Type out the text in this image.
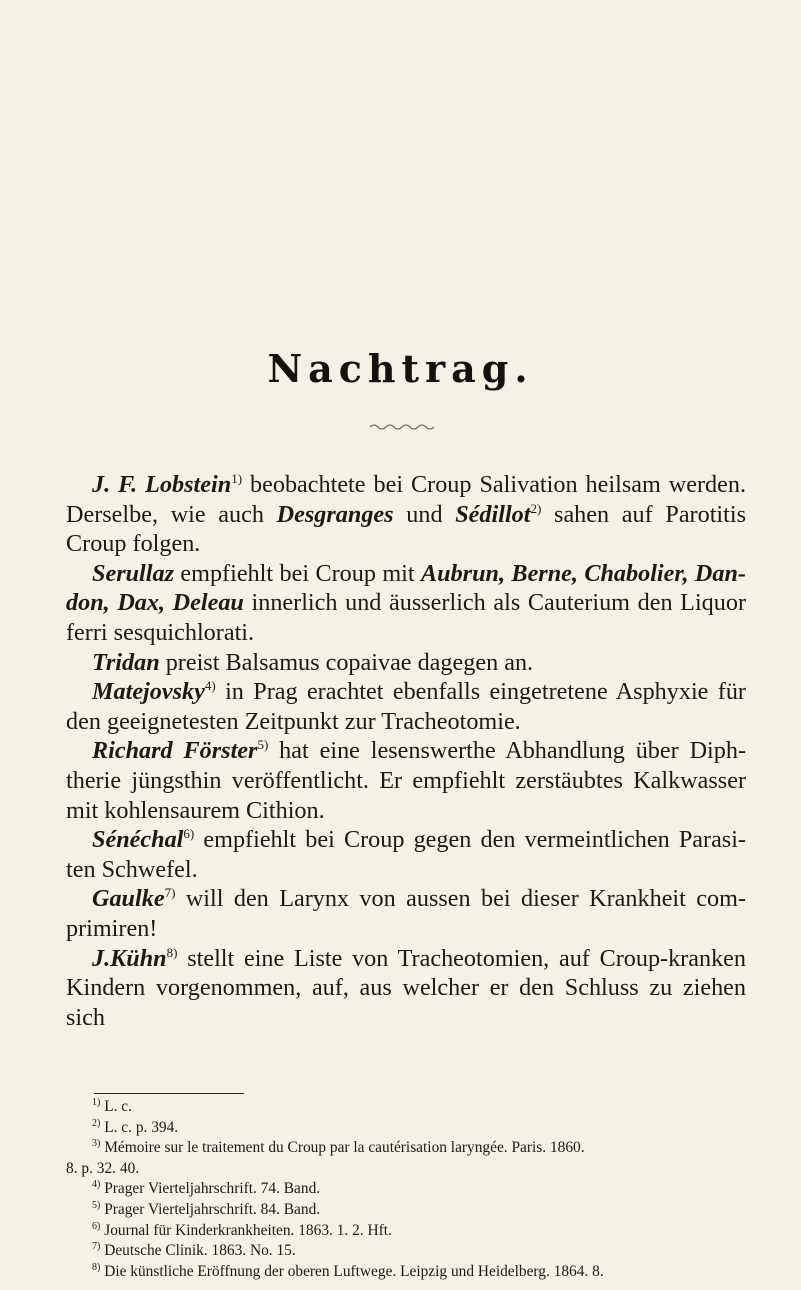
Nachtrag.

J. F. Lobstein$^{1)}$ beobachtete bei Croup Salivation heilsam werden. Derselbe, wie auch Desgranges und Sédillot$^{2)}$ sahen auf Parotitis Croup folgen.

Serullaz empfiehlt bei Croup mit Aubrun, Berne, Chabolier, Dan- don, Dax, Deleau innerlich und äusserlich als Cauterium den Liquor ferri sesquichlorati.

Tridan preist Balsamus copaivae dagegen an.

Matejovsky$^{4)}$ in Prag erachtet ebenfalls eingetretene Asphyxie für den geeignetesten Zeitpunkt zur Tracheotomie.

Richard Förster$^{5)}$ hat eine lesenswerthe Abhandlung über Diph- therie jüngsthin veröffentlicht. Er empfiehlt zerstäubtes Kalkwasser mit kohlensaurem Cithion.

Sénéchal$^{6)}$ empfiehlt bei Croup gegen den vermeintlichen Parasi- ten Schwefel.

Gaulke$^{7)}$ will den Larynx von aussen bei dieser Krankheit com- primiren!

J.Kühn$^{8)}$ stellt eine Liste von Tracheotomien, auf Croup-kranken Kindern vorgenommen, auf, aus welcher er den Schluss zu ziehen sich

$^{1)}$ L. c.

$^{2)}$ L. c. p. 394.

$^{3)}$ Mémoire sur le traitement du Croup par la cautérisation laryngée. Paris. 1860.

8. p. 32. 40.

$^{4)}$ Prager Vierteljahrschrift. 74. Band.

$^{5)}$ Prager Vierteljahrschrift. 84. Band.

$^{6)}$ Journal für Kinderkrankheiten. 1863. 1. 2. Hft.

$^{7)}$ Deutsche Clinik. 1863. No. 15.

$^{8)}$ Die künstliche Eröffnung der oberen Luftwege. Leipzig und Heidelberg. 1864. 8.
